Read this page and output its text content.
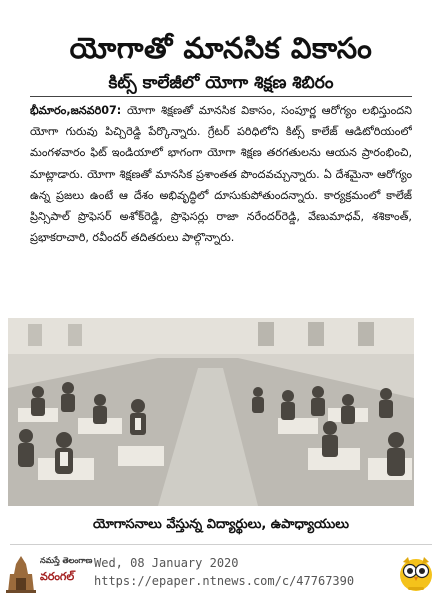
యోగాతో మానసిక వికాసం
కిట్స్ కాలేజీలో యోగా శిక్షణ శిబిరం
భీమారం,జనవరి07: యోగా శిక్షణతో మానసిక వికాసం, సంపూర్ణ ఆరోగ్యం లభిస్తుందని యోగా గురువు పిచ్చిరెడ్డి పేర్కొన్నారు. గ్రేటర్ పరిధిలోని కిట్స్ కాలేజ్ ఆడిటోరియంలో మంగళవారం ఫిట్ ఇండియాలో భాగంగా యోగా శిక్షణ తరగతులను ఆయన ప్రారంభించి, మాట్లాడారు. యోగా శిక్షణతో మానసిక ప్రశాంతత పొందవచ్చున్నారు. ఏ దేశమైనా ఆరోగ్యం ఉన్న ప్రజలు ఉంటే ఆ దేశం అభివృద్ధిలో దూసుకుపోతుందన్నారు. కార్యక్రమంలో కాలేజ్ ప్రిన్సిపాల్ ప్రొఫెసర్ అశోక్‌రెడ్డి, ప్రొఫెసర్లు రాజా నరేందర్‌రెడ్డి, వేణుమాధవ్, శశికాంత్, ప్రభాకరాచారి, రవీందర్ తదితరులు పాల్గొన్నారు.
యోగాసనాలు వేస్తున్న విద్యార్థులు, ఉపాధ్యాయులు
నమస్తే తెలంగాణ
వరంగల్
Wed, 08 January 2020
https://epaper.ntnews.com/c/47767390
